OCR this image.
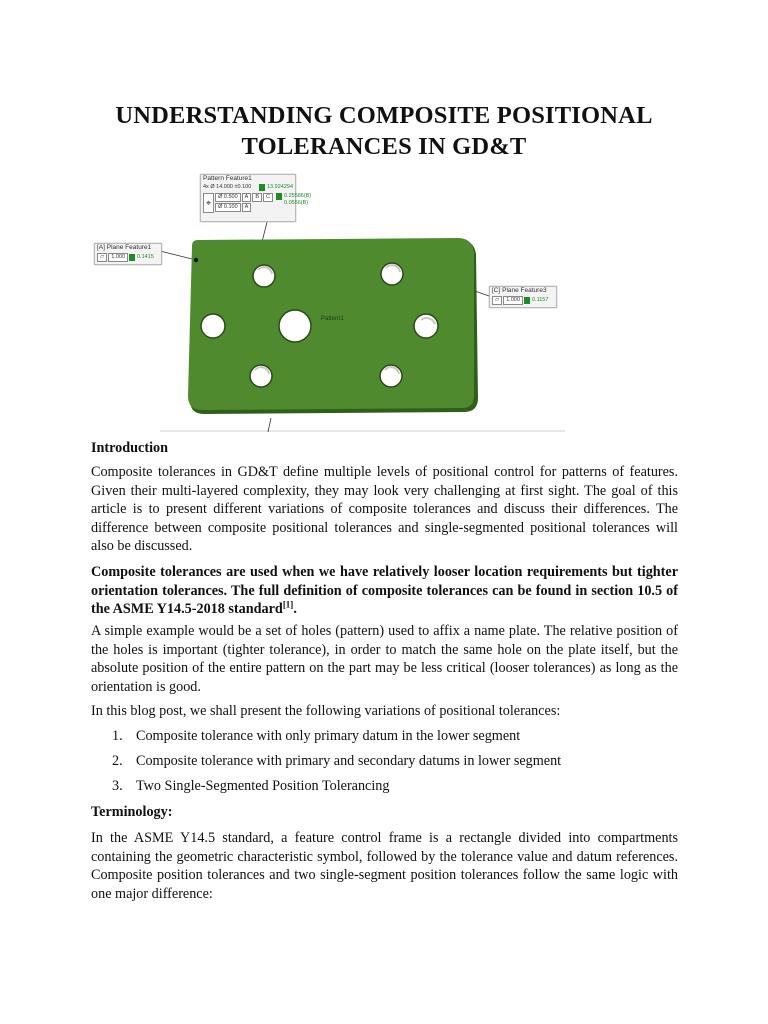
UNDERSTANDING COMPOSITE POSITIONAL
TOLERANCES IN GD&T
Pattern1
Pattern Feature1
4x Ø 14.000 ±0.100	13.924294
⌖
Ø 0.500	A	B	C
Ø 0.100	A
0.25586(B)
0.0556(B)
[A] Plane Feature1
▱	1.000	0.1415
[C] Plane Feature3
▱	1.000	0.1157
Introduction
Composite tolerances in GD&T define multiple levels of positional control for patterns of features. Given their multi-layered complexity, they may look very challenging at first sight. The goal of this article is to present different variations of composite tolerances and discuss their differences. The difference between composite positional tolerances and single-segmented positional tolerances will also be discussed.
Composite tolerances are used when we have relatively looser location requirements but tighter orientation tolerances. The full definition of composite tolerances can be found in section 10.5 of the ASME Y14.5-2018 standard[1].
A simple example would be a set of holes (pattern) used to affix a name plate. The relative position of the holes is important (tighter tolerance), in order to match the same hole on the plate itself, but the absolute position of the entire pattern on the part may be less critical (looser tolerances) as long as the orientation is good.
In this blog post, we shall present the following variations of positional tolerances:
1. Composite tolerance with only primary datum in the lower segment
2. Composite tolerance with primary and secondary datums in lower segment
3. Two Single-Segmented Position Tolerancing
Terminology:
In the ASME Y14.5 standard, a feature control frame is a rectangle divided into compartments containing the geometric characteristic symbol, followed by the tolerance value and datum references. Composite position tolerances and two single-segment position tolerances follow the same logic with one major difference:
